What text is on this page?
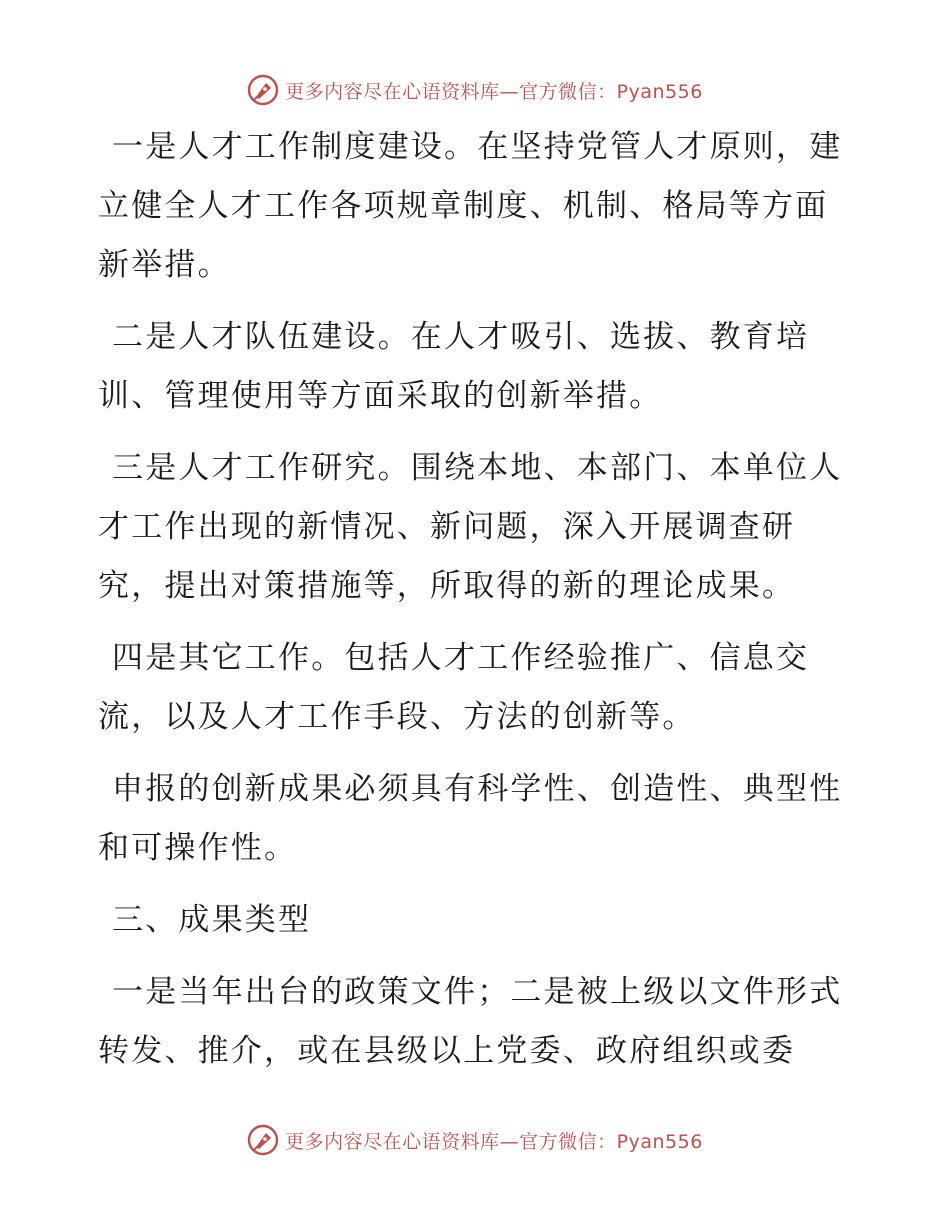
更多内容尽在心语资料库—官方微信：Pyan556

一是人才工作制度建设。在坚持党管人才原则，建立健全人才工作各项规章制度、机制、格局等方面新举措。

二是人才队伍建设。在人才吸引、选拔、教育培训、管理使用等方面采取的创新举措。

三是人才工作研究。围绕本地、本部门、本单位人才工作出现的新情况、新问题，深入开展调查研究，提出对策措施等，所取得的新的理论成果。

四是其它工作。包括人才工作经验推广、信息交流，以及人才工作手段、方法的创新等。

申报的创新成果必须具有科学性、创造性、典型性和可操作性。

三、成果类型

一是当年出台的政策文件；二是被上级以文件形式转发、推介，或在县级以上党委、政府组织或委

更多内容尽在心语资料库—官方微信：Pyan556
